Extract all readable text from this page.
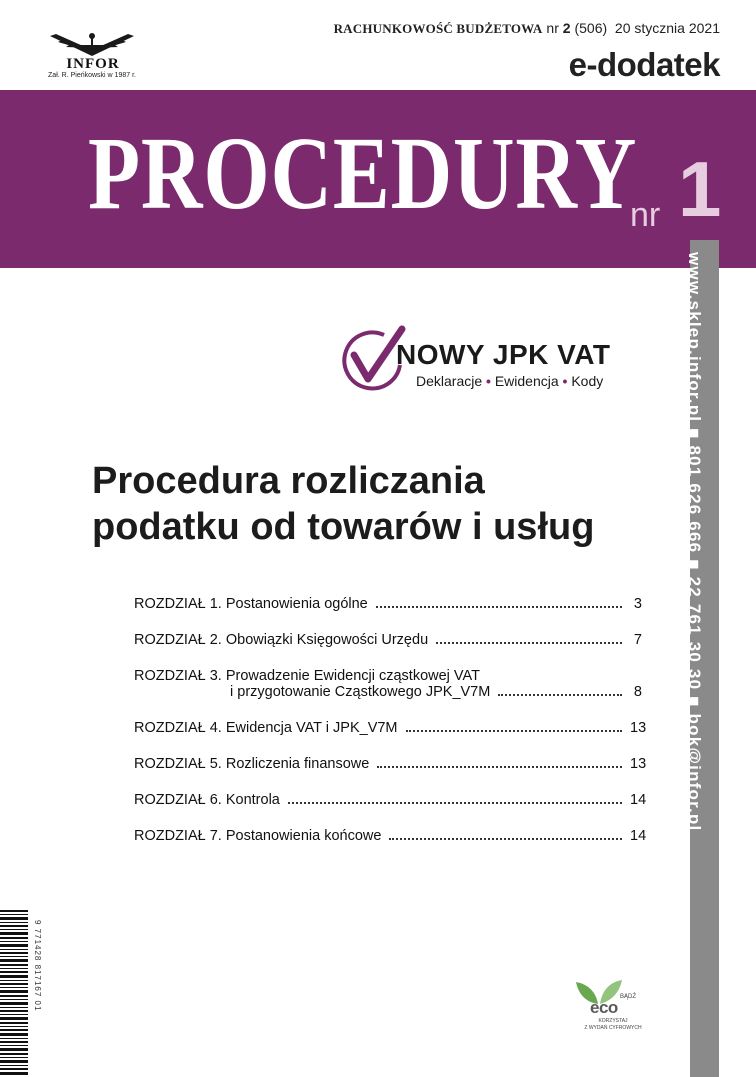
INFOR
Zał. R. Pieńkowski w 1987 r.
RACHUNKOWOŚĆ BUDŻETOWA nr 2 (506) 20 stycznia 2021
e-dodatek
PROCEDURY
nr 1
www.sklep.infor.pl ■ 801 626 666 ■ 22 761 30 30 ■ bok@infor.pl
NOWY JPK VAT
Deklaracje • Ewidencja • Kody
Procedura rozliczania
podatku od towarów i usług
ROZDZIAŁ 1. Postanowienia ogólne	3
ROZDZIAŁ 2. Obowiązki Księgowości Urzędu	7
ROZDZIAŁ 3. Prowadzenie Ewidencji cząstkowej VAT
i przygotowanie Cząstkowego JPK_V7M	8
ROZDZIAŁ 4. Ewidencja VAT i JPK_V7M	13
ROZDZIAŁ 5. Rozliczenia finansowe	13
ROZDZIAŁ 6. Kontrola	14
ROZDZIAŁ 7. Postanowienia końcowe	14
9 771428 817167 01	BĄDŹ
eco
KORZYSTAJ
Z WYDAŃ CYFROWYCH
